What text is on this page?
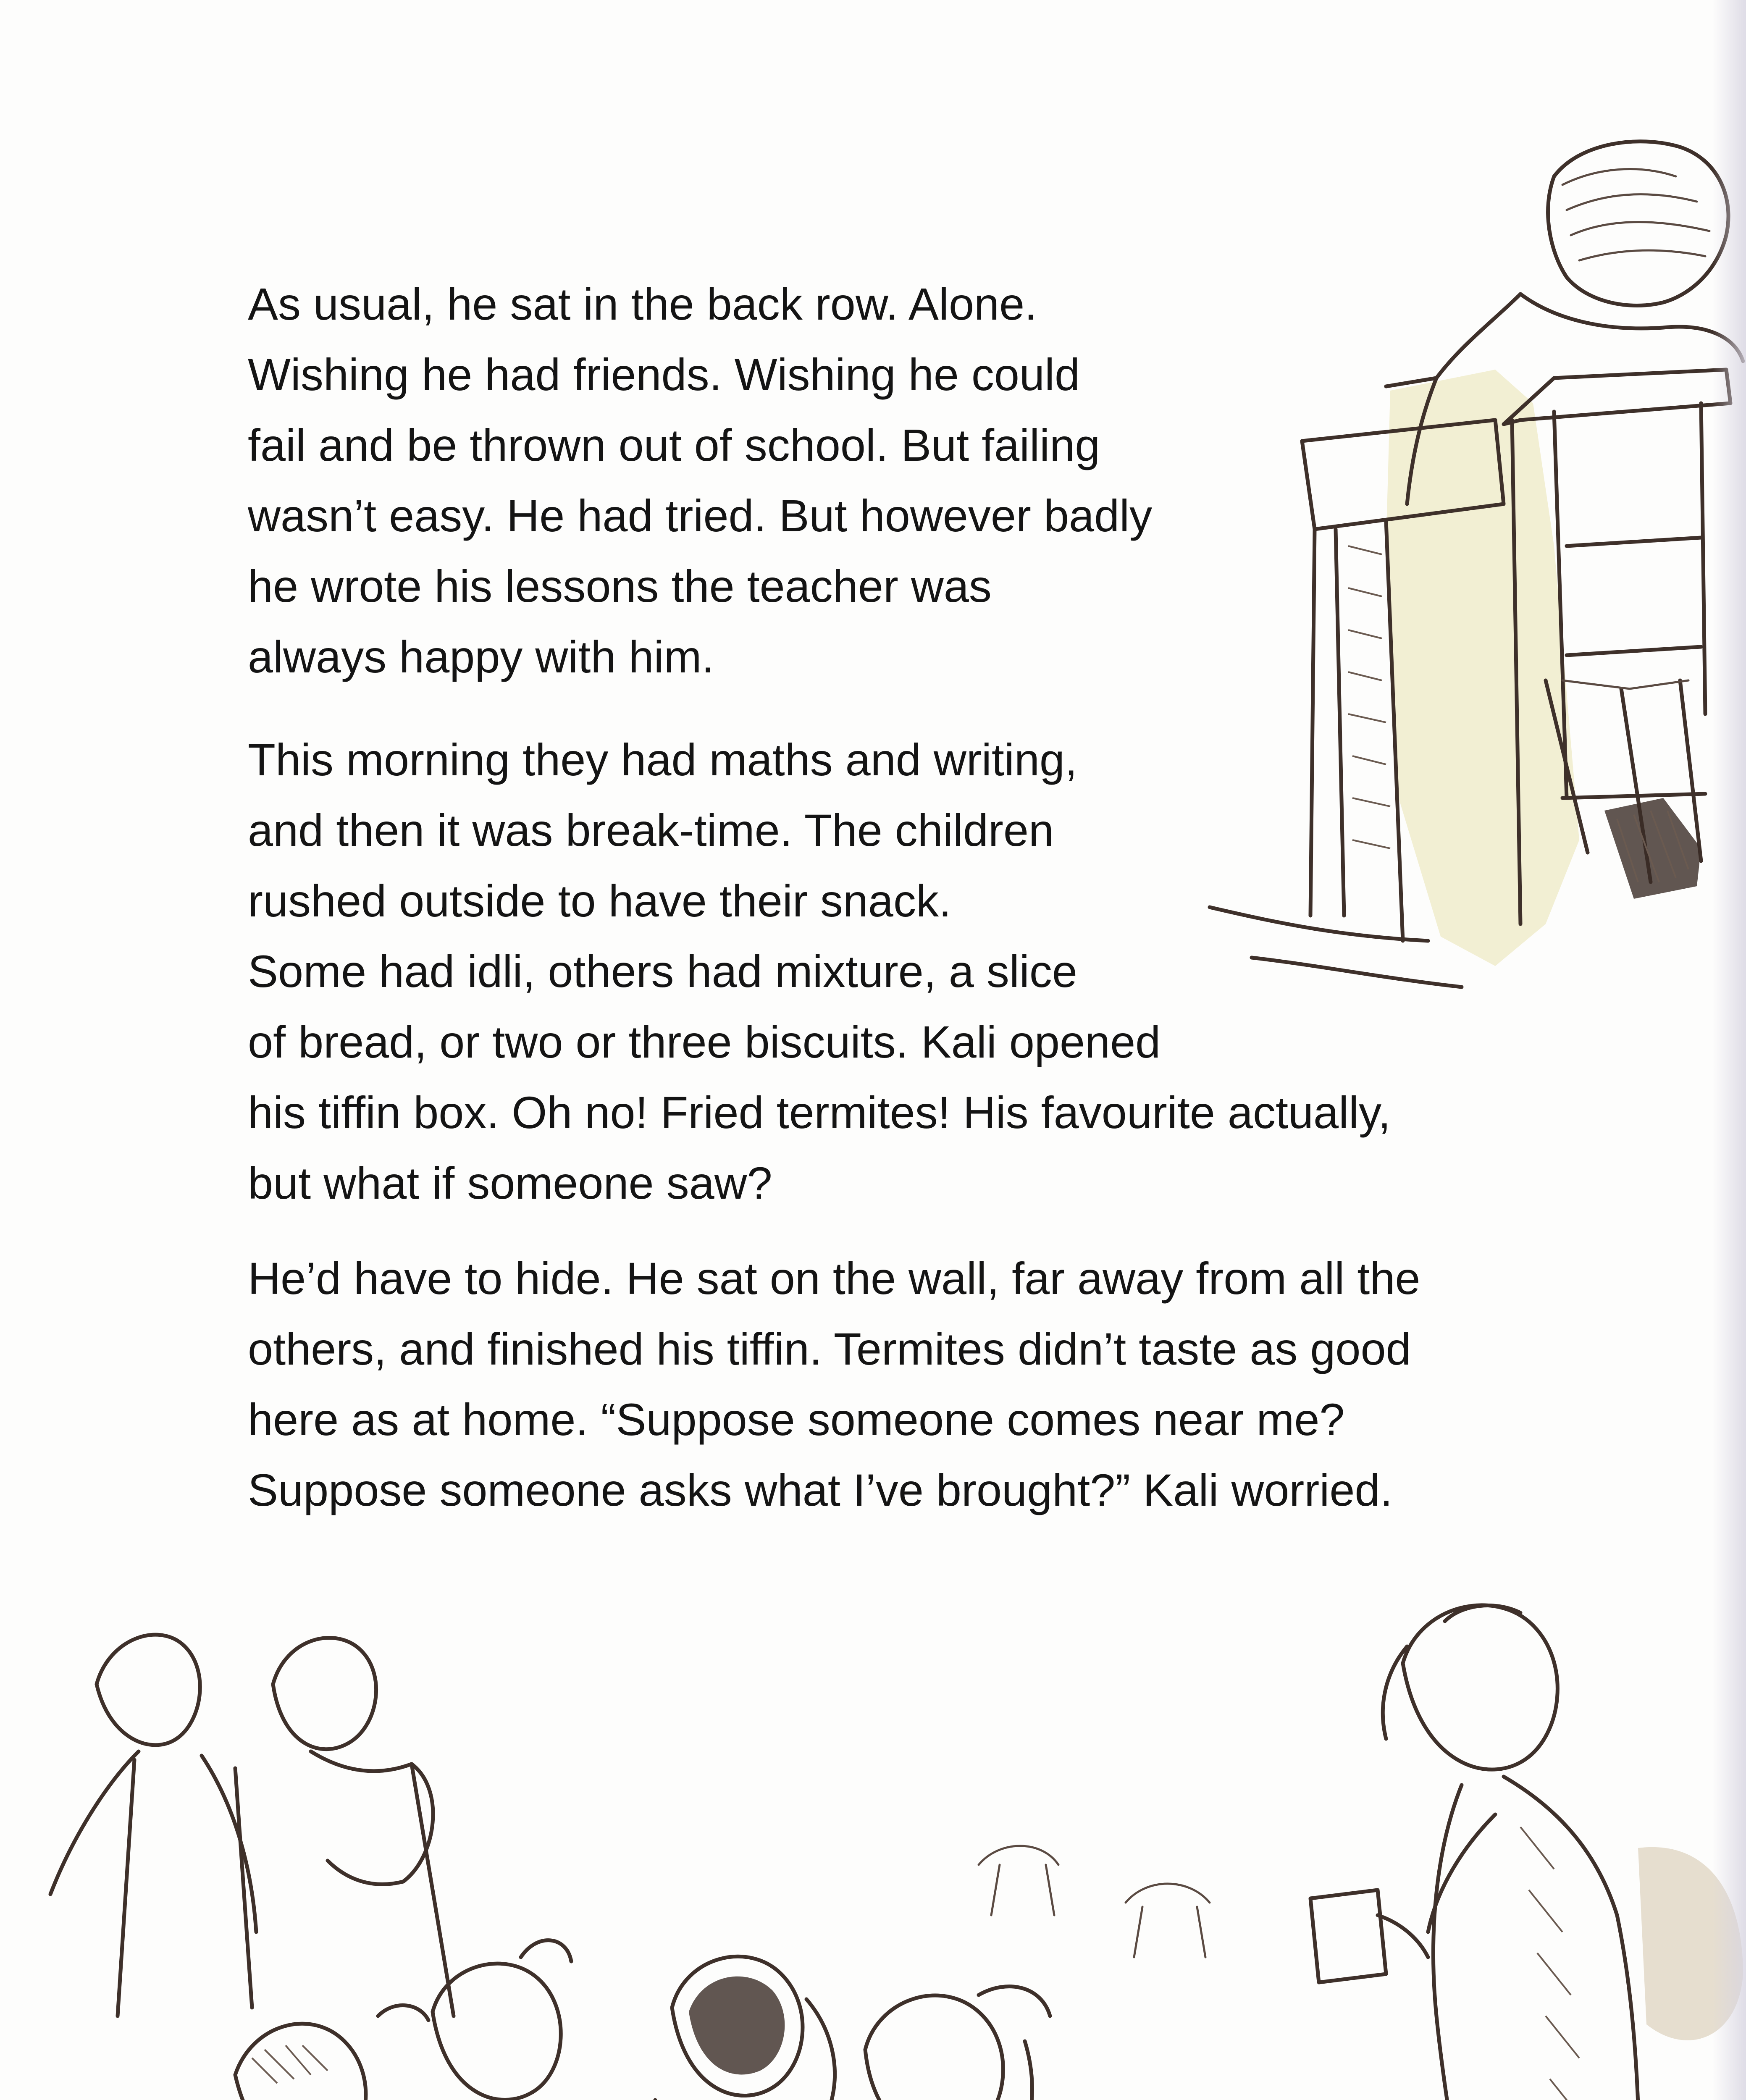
As usual, he sat in the back row. Alone.
Wishing he had friends. Wishing he could
fail and be thrown out of school. But failing
wasn’t easy. He had tried. But however badly
he wrote his lessons the teacher was
always happy with him.

This morning they had maths and writing,
and then it was break-time. The children
rushed outside to have their snack.
Some had idli, others had mixture, a slice
of bread, or two or three biscuits. Kali opened
his tiffin box. Oh no! Fried termites! His favourite actually,
but what if someone saw?

He’d have to hide. He sat on the wall, far away from all the
others, and finished his tiffin. Termites didn’t taste as good
here as at home. “Suppose someone comes near me?
Suppose someone asks what I’ve brought?” Kali worried.
